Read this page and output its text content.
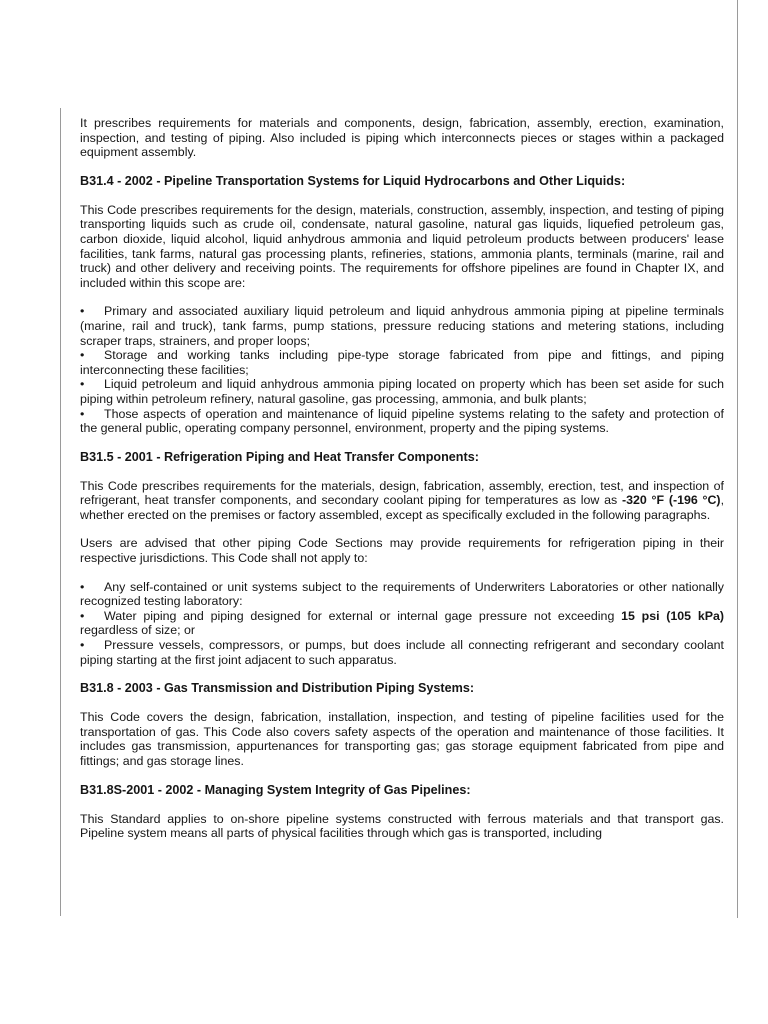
It prescribes requirements for materials and components, design, fabrication, assembly, erection, examination, inspection, and testing of piping. Also included is piping which interconnects pieces or stages within a packaged equipment assembly.

B31.4 - 2002 - Pipeline Transportation Systems for Liquid Hydrocarbons and Other Liquids:

This Code prescribes requirements for the design, materials, construction, assembly, inspection, and testing of piping transporting liquids such as crude oil, condensate, natural gasoline, natural gas liquids, liquefied petroleum gas, carbon dioxide, liquid alcohol, liquid anhydrous ammonia and liquid petroleum products between producers' lease facilities, tank farms, natural gas processing plants, refineries, stations, ammonia plants, terminals (marine, rail and truck) and other delivery and receiving points. The requirements for offshore pipelines are found in Chapter IX, and included within this scope are:

• Primary and associated auxiliary liquid petroleum and liquid anhydrous ammonia piping at pipeline terminals (marine, rail and truck), tank farms, pump stations, pressure reducing stations and metering stations, including scraper traps, strainers, and proper loops;
• Storage and working tanks including pipe-type storage fabricated from pipe and fittings, and piping interconnecting these facilities;
• Liquid petroleum and liquid anhydrous ammonia piping located on property which has been set aside for such piping within petroleum refinery, natural gasoline, gas processing, ammonia, and bulk plants;
• Those aspects of operation and maintenance of liquid pipeline systems relating to the safety and protection of the general public, operating company personnel, environment, property and the piping systems.
B31.5 - 2001 - Refrigeration Piping and Heat Transfer Components:

This Code prescribes requirements for the materials, design, fabrication, assembly, erection, test, and inspection of refrigerant, heat transfer components, and secondary coolant piping for temperatures as low as -320 °F (-196 °C), whether erected on the premises or factory assembled, except as specifically excluded in the following paragraphs.

Users are advised that other piping Code Sections may provide requirements for refrigeration piping in their respective jurisdictions. This Code shall not apply to:

• Any self-contained or unit systems subject to the requirements of Underwriters Laboratories or other nationally recognized testing laboratory:
• Water piping and piping designed for external or internal gage pressure not exceeding 15 psi (105 kPa) regardless of size; or
• Pressure vessels, compressors, or pumps, but does include all connecting refrigerant and secondary coolant piping starting at the first joint adjacent to such apparatus.
B31.8 - 2003 - Gas Transmission and Distribution Piping Systems:

This Code covers the design, fabrication, installation, inspection, and testing of pipeline facilities used for the transportation of gas. This Code also covers safety aspects of the operation and maintenance of those facilities. It includes gas transmission, appurtenances for transporting gas; gas storage equipment fabricated from pipe and fittings; and gas storage lines.

B31.8S-2001 - 2002 - Managing System Integrity of Gas Pipelines:

This Standard applies to on-shore pipeline systems constructed with ferrous materials and that transport gas. Pipeline system means all parts of physical facilities through which gas is transported, including
